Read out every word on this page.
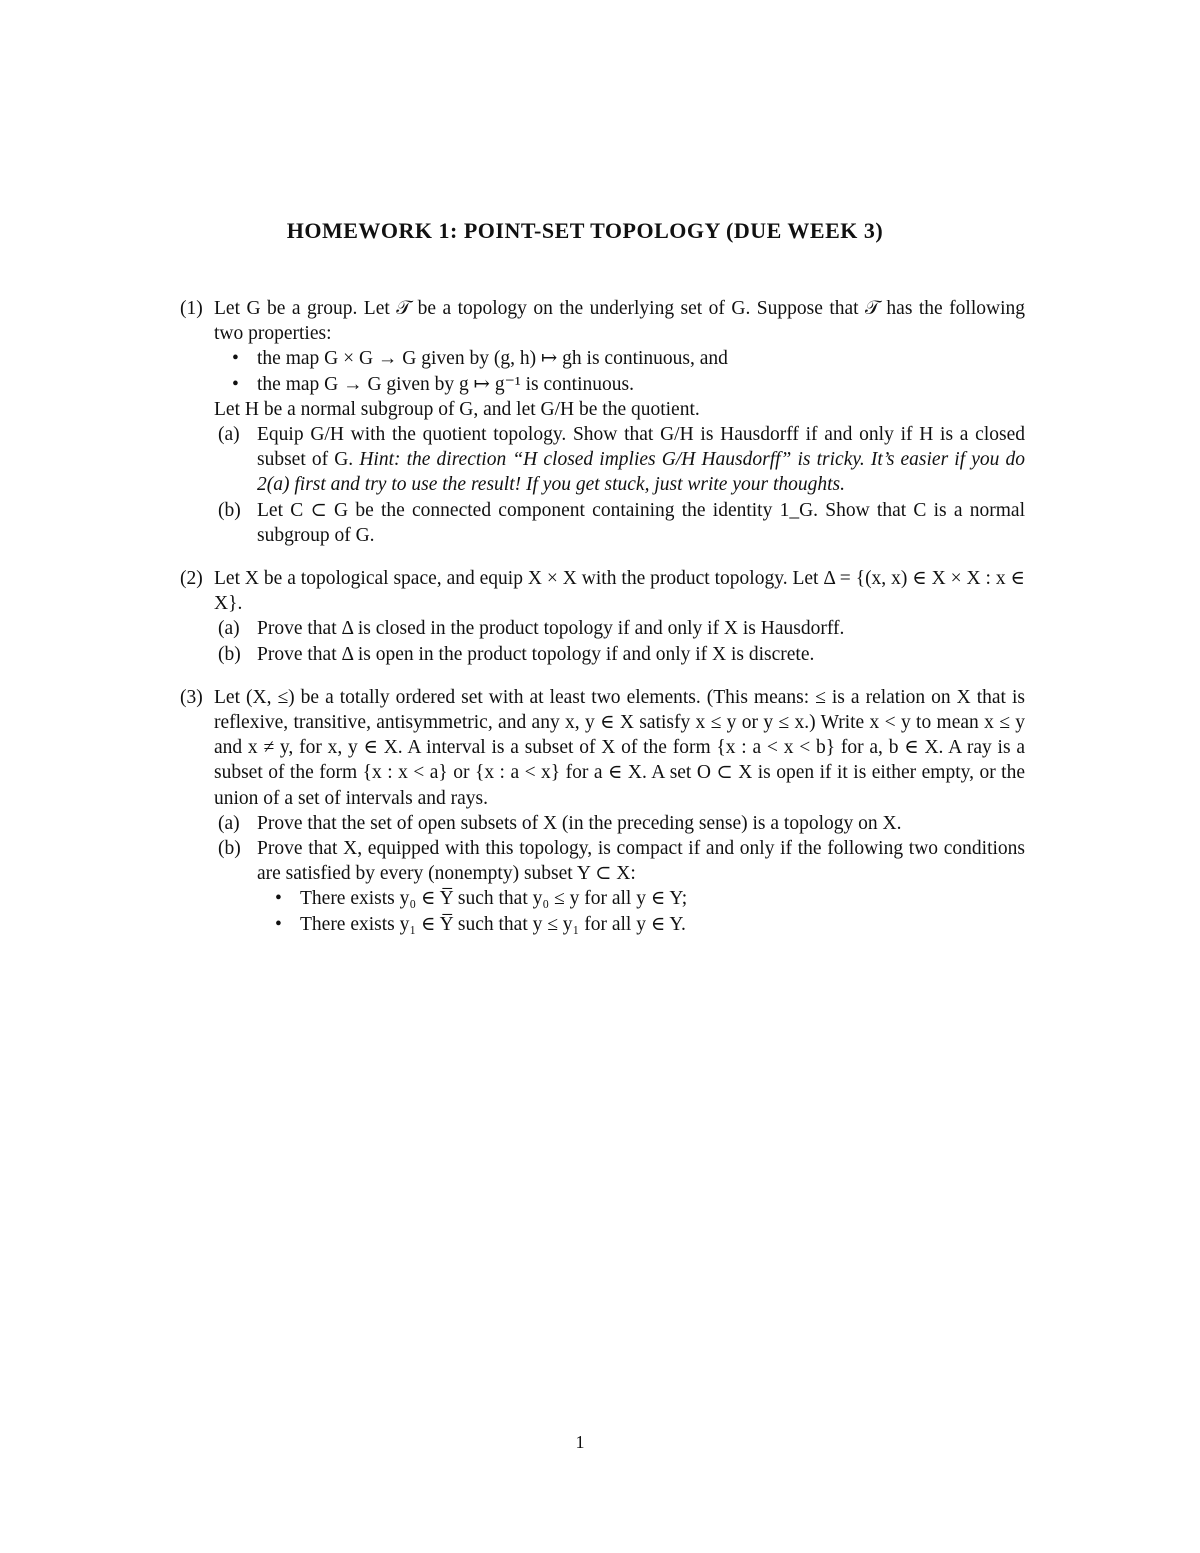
HOMEWORK 1: POINT-SET TOPOLOGY (DUE WEEK 3)
(1) Let G be a group. Let 𝒯 be a topology on the underlying set of G. Suppose that 𝒯 has the following two properties:

• the map G × G → G given by (g, h) ↦ gh is continuous, and
• the map G → G given by g ↦ g⁻¹ is continuous.

Let H be a normal subgroup of G, and let G/H be the quotient.

(a) Equip G/H with the quotient topology. Show that G/H is Hausdorff if and only if H is a closed subset of G. Hint: the direction “H closed implies G/H Hausdorff” is tricky. It’s easier if you do 2(a) first and try to use the result! If you get stuck, just write your thoughts.
(b) Let C ⊂ G be the connected component containing the identity 1_G. Show that C is a normal subgroup of G.
(2) Let X be a topological space, and equip X × X with the product topology. Let Δ = {(x, x) ∈ X × X : x ∈ X}.

(a) Prove that Δ is closed in the product topology if and only if X is Hausdorff.
(b) Prove that Δ is open in the product topology if and only if X is discrete.
(3) Let (X, ≤) be a totally ordered set with at least two elements. (This means: ≤ is a relation on X that is reflexive, transitive, antisymmetric, and any x, y ∈ X satisfy x ≤ y or y ≤ x.) Write x < y to mean x ≤ y and x ≠ y, for x, y ∈ X. A interval is a subset of X of the form {x : a < x < b} for a, b ∈ X. A ray is a subset of the form {x : x < a} or {x : a < x} for a ∈ X. A set O ⊂ X is open if it is either empty, or the union of a set of intervals and rays.

(a) Prove that the set of open subsets of X (in the preceding sense) is a topology on X.
(b) Prove that X, equipped with this topology, is compact if and only if the following two conditions are satisfied by every (nonempty) subset Y ⊂ X:
• There exists y₀ ∈ Y̅ such that y₀ ≤ y for all y ∈ Y;
• There exists y₁ ∈ Y̅ such that y ≤ y₁ for all y ∈ Y.
1
